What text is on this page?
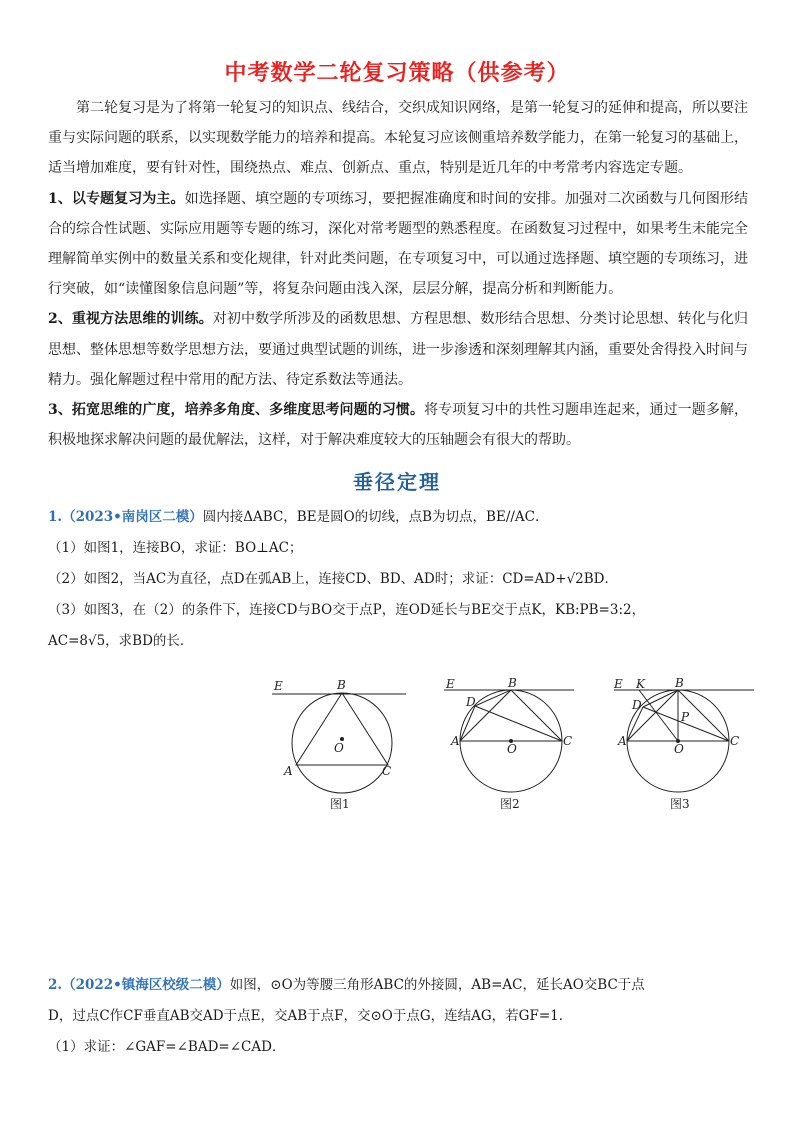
中考数学二轮复习策略（供参考）

第二轮复习是为了将第一轮复习的知识点、线结合，交织成知识网络，是第一轮复习的延伸和提高，所以要注重与实际问题的联系，以实现数学能力的培养和提高。本轮复习应该侧重培养数学能力，在第一轮复习的基础上，适当增加难度，要有针对性，围绕热点、难点、创新点、重点，特别是近几年的中考常考内容选定专题。

1、以专题复习为主。如选择题、填空题的专项练习，要把握准确度和时间的安排。加强对二次函数与几何图形结合的综合性试题、实际应用题等专题的练习，深化对常考题型的熟悉程度。在函数复习过程中，如果考生未能完全理解简单实例中的数量关系和变化规律，针对此类问题，在专项复习中，可以通过选择题、填空题的专项练习，进行突破，如“读懂图象信息问题”等，将复杂问题由浅入深，层层分解，提高分析和判断能力。

2、重视方法思维的训练。对初中数学所涉及的函数思想、方程思想、数形结合思想、分类讨论思想、转化与化归思想、整体思想等数学思想方法，要通过典型试题的训练，进一步渗透和深刻理解其内涵，重要处舍得投入时间与精力。强化解题过程中常用的配方法、待定系数法等通法。

3、拓宽思维的广度，培养多角度、多维度思考问题的习惯。将专项复习中的共性习题串连起来，通过一题多解，积极地探求解决问题的最优解法，这样，对于解决难度较大的压轴题会有很大的帮助。

垂径定理
1.（2023•南岗区二模）圆内接ΔABC，BE是圆O的切线，点B为切点，BE//AC．
（1）如图1，连接BO，求证：BO⊥AC；
（2）如图2，当AC为直径，点D在弧AB上，连接CD、BD、AD时；求证：CD=AD+√2BD．
（3）如图3，在（2）的条件下，连接CD与BO交于点P，连OD延长与BE交于点K，KB:PB=3:2，
AC=8√5，求BD的长．
E	B
O
A	C
图1
E	B
D
A
O
C
图2
E K	B
D
P
A
O
C
图3
2.（2022•镇海区校级二模）如图，⊙O为等腰三角形ABC的外接圆，AB=AC，延长AO交BC于点
D，过点C作CF垂直AB交AD于点E，交AB于点F，交⊙O于点G，连结AG，若GF=1．
（1）求证：∠GAF=∠BAD=∠CAD．
